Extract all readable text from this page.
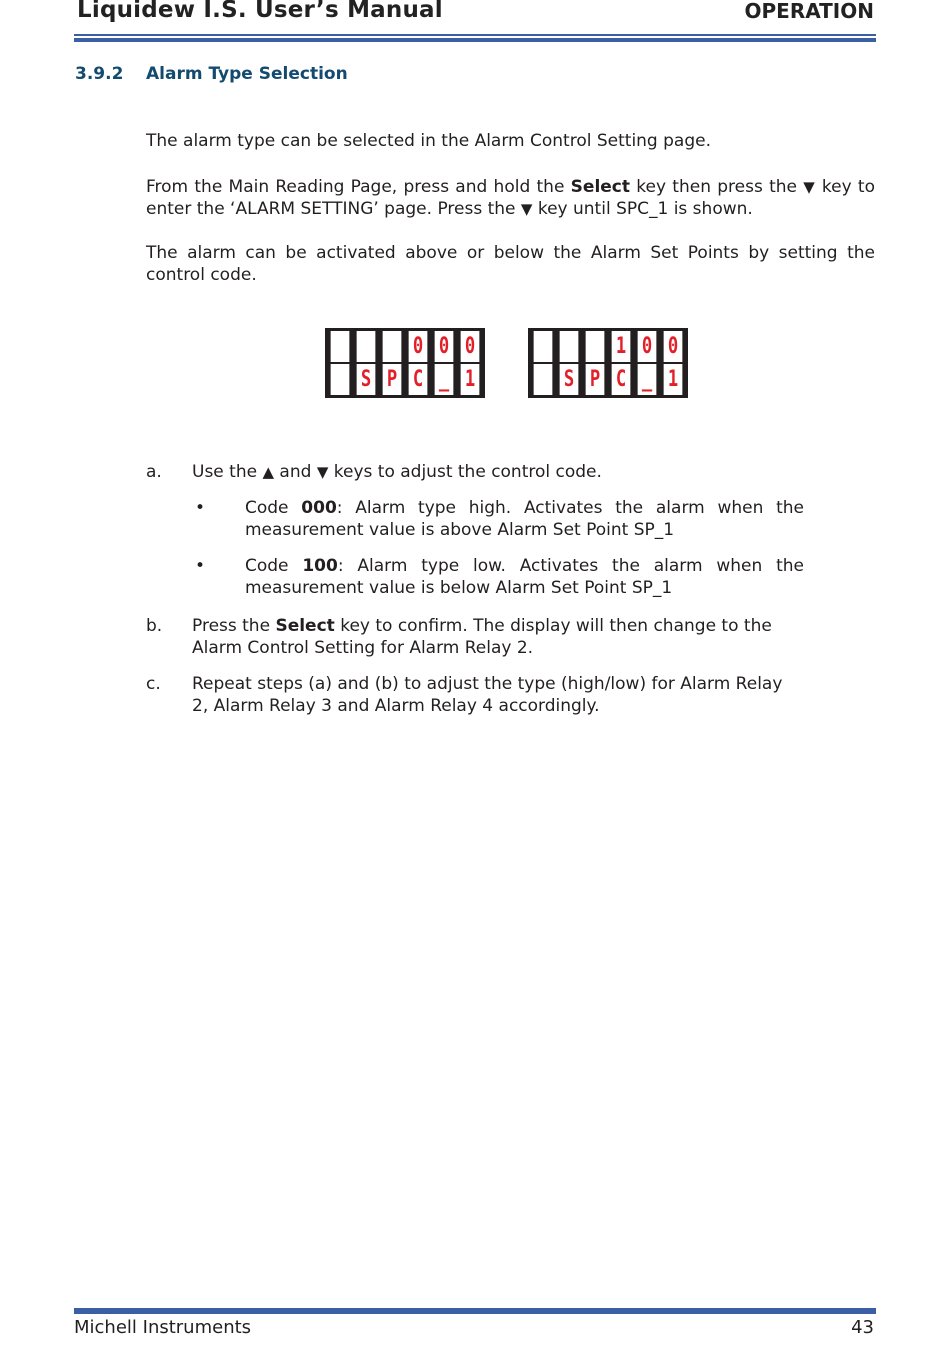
Liquidew I.S. User’s Manual	OPERATION
3.9.2 Alarm Type Selection
The alarm type can be selected in the Alarm Control Setting page.
From the Main Reading Page, press and hold the Select key then press the ▼ key to enter the ‘ALARM SETTING’ page. Press the ▼ key until SPC_1 is shown.
The alarm can be activated above or below the Alarm Set Points by setting the control code.
0 0 0
S P C _ 1
1 0 0
S P C _ 1
a. Use the ▲ and ▼ keys to adjust the control code.
• Code 000: Alarm type high. Activates the alarm when the measurement value is above Alarm Set Point SP_1
• Code 100: Alarm type low. Activates the alarm when the measurement value is below Alarm Set Point SP_1
b. Press the Select key to confirm. The display will then change to the Alarm Control Setting for Alarm Relay 2.
c. Repeat steps (a) and (b) to adjust the type (high/low) for Alarm Relay 2, Alarm Relay 3 and Alarm Relay 4 accordingly.
Michell Instruments	43
